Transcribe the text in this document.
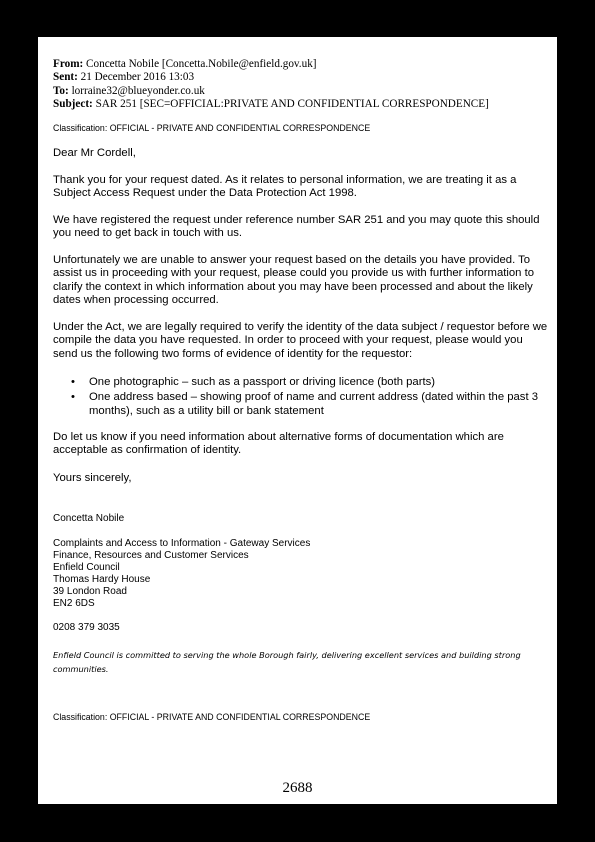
From: Concetta Nobile [Concetta.Nobile@enfield.gov.uk]
Sent: 21 December 2016 13:03
To: lorraine32@blueyonder.co.uk
Subject: SAR 251 [SEC=OFFICIAL:PRIVATE AND CONFIDENTIAL CORRESPONDENCE]
Classification: OFFICIAL - PRIVATE AND CONFIDENTIAL CORRESPONDENCE
Dear Mr Cordell,
Thank you for your request dated. As it relates to personal information, we are treating it as a Subject Access Request under the Data Protection Act 1998.
We have registered the request under reference number SAR 251 and you may quote this should you need to get back in touch with us.
Unfortunately we are unable to answer your request based on the details you have provided. To assist us in proceeding with your request, please could you provide us with further information to clarify the context in which information about you may have been processed and about the likely dates when processing occurred.
Under the Act, we are legally required to verify the identity of the data subject / requestor before we compile the data you have requested. In order to proceed with your request, please would you send us the following two forms of evidence of identity for the requestor:
• One photographic – such as a passport or driving licence (both parts)
• One address based – showing proof of name and current address (dated within the past 3 months), such as a utility bill or bank statement
Do let us know if you need information about alternative forms of documentation which are acceptable as confirmation of identity.
Yours sincerely,
Concetta Nobile
Complaints and Access to Information - Gateway Services
Finance, Resources and Customer Services
Enfield Council
Thomas Hardy House
39 London Road
EN2 6DS
0208 379 3035
Enfield Council is committed to serving the whole Borough fairly, delivering excellent services and building strong communities.
Classification: OFFICIAL - PRIVATE AND CONFIDENTIAL CORRESPONDENCE
2688
